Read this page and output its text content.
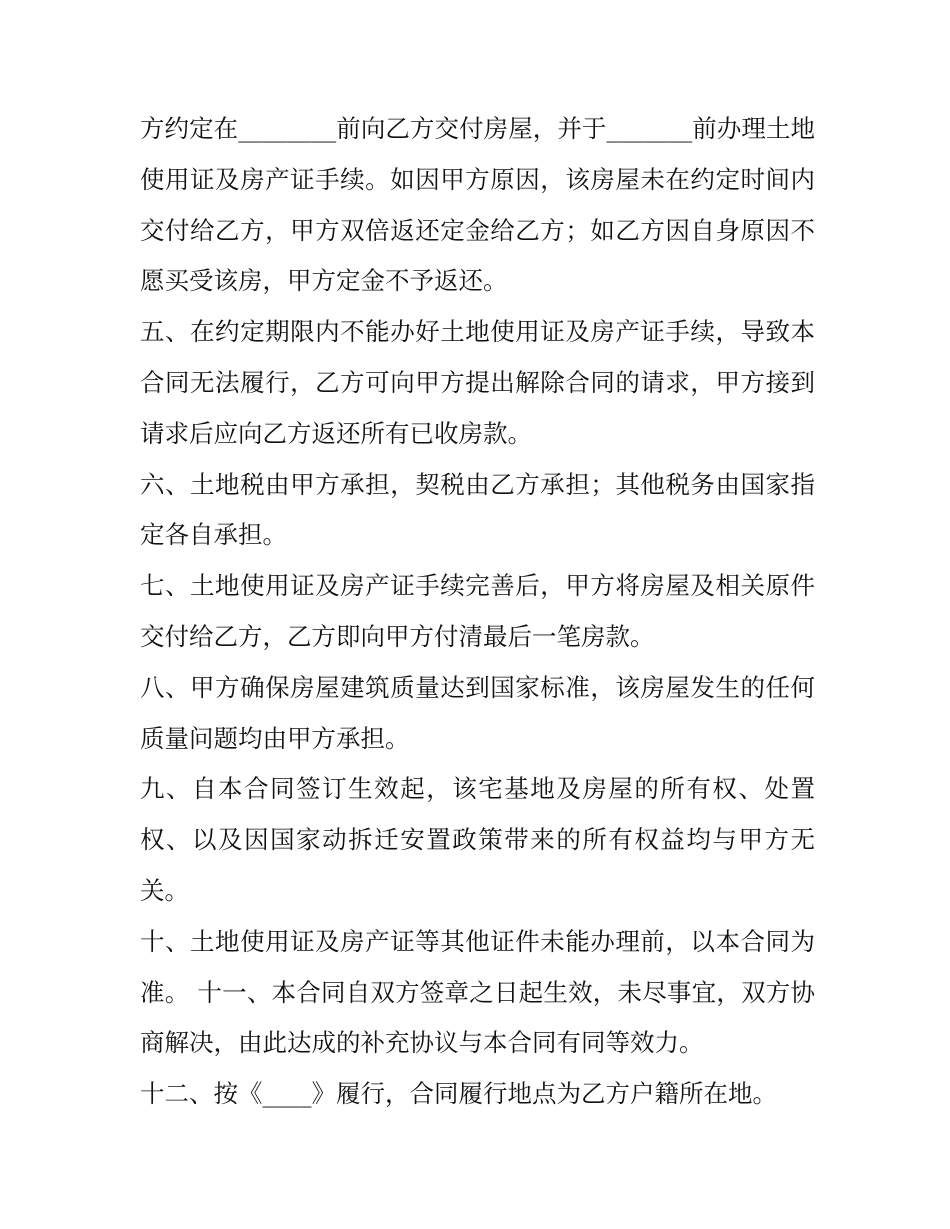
方约定在________前向乙方交付房屋，并于_______前办理土地使用证及房产证手续。如因甲方原因，该房屋未在约定时间内交付给乙方，甲方双倍返还定金给乙方；如乙方因自身原因不愿买受该房，甲方定金不予返还。

五、在约定期限内不能办好土地使用证及房产证手续，导致本合同无法履行，乙方可向甲方提出解除合同的请求，甲方接到请求后应向乙方返还所有已收房款。

六、土地税由甲方承担，契税由乙方承担；其他税务由国家指定各自承担。

七、土地使用证及房产证手续完善后，甲方将房屋及相关原件交付给乙方，乙方即向甲方付清最后一笔房款。

八、甲方确保房屋建筑质量达到国家标准，该房屋发生的任何质量问题均由甲方承担。

九、自本合同签订生效起，该宅基地及房屋的所有权、处置权、以及因国家动拆迁安置政策带来的所有权益均与甲方无关。

十、土地使用证及房产证等其他证件未能办理前，以本合同为准。 十一、本合同自双方签章之日起生效，未尽事宜，双方协商解决，由此达成的补充协议与本合同有同等效力。

十二、按《____》履行，合同履行地点为乙方户籍所在地。
